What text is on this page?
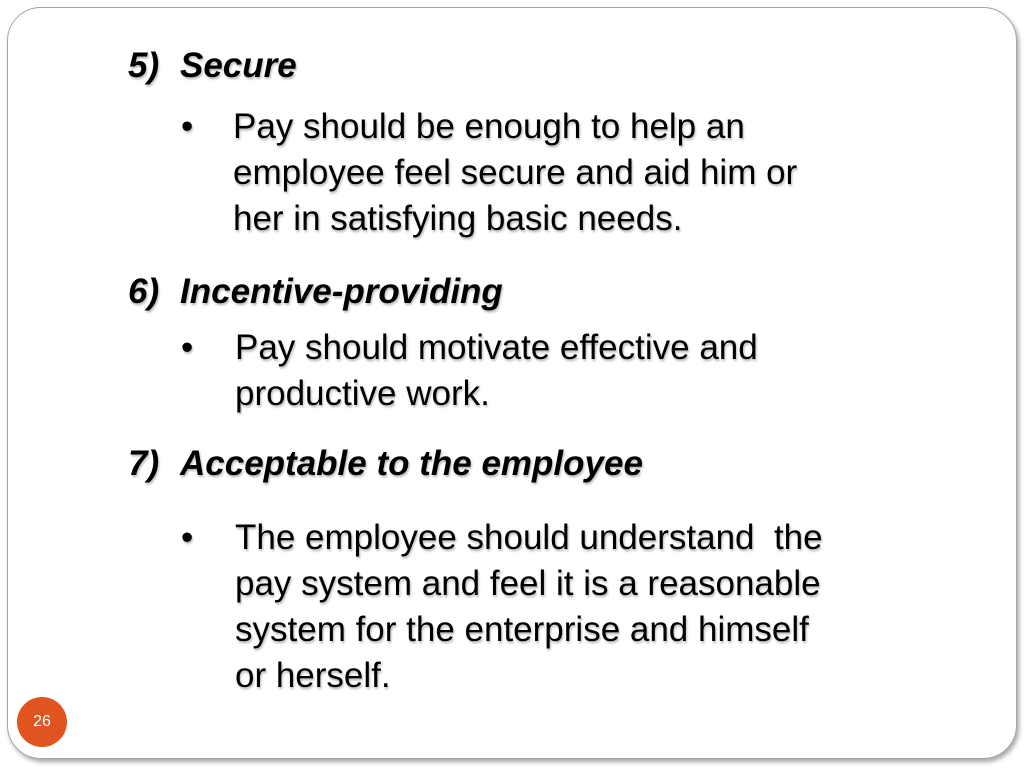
5) Secure
• Pay should be enough to help an
employee feel secure and aid him or
her in satisfying basic needs.
6) Incentive-providing
• Pay should motivate effective and
productive work.
7) Acceptable to the employee
• The employee should understand  the
pay system and feel it is a reasonable
system for the enterprise and himself
or herself.
26
